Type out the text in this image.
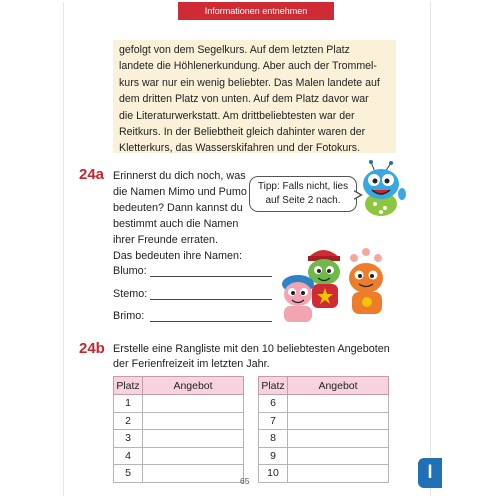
Informationen entnehmen

gefolgt von dem Segelkurs. Auf dem letzten Platz

landete die Höhlenerkundung. Aber auch der Trommel-

kurs war nur ein wenig beliebter. Das Malen landete auf

dem dritten Platz von unten. Auf dem Platz davor war

die Literaturwerkstatt. Am drittbeliebtesten war der

Reitkurs. In der Beliebtheit gleich dahinter waren der

Kletterkurs, das Wasserskifahren und der Fotokurs.

24a Erinnerst du dich noch, was

die Namen Mimo und Pumo

bedeuten? Dann kannst du

bestimmt auch die Namen

ihrer Freunde erraten.

Das bedeuten ihre Namen:

Tipp: Falls nicht, lies
auf Seite 2 nach.
Blumo:
Stemo:
Brimo:
24b Erstelle eine Rangliste mit den 10 beliebtesten Angeboten

der Ferienfreizeit im letzten Jahr.

Platz	Angebot
1	
2	
3	
4	
5	
Platz	Angebot
6	
7	
8	
9	
10	
65	l
